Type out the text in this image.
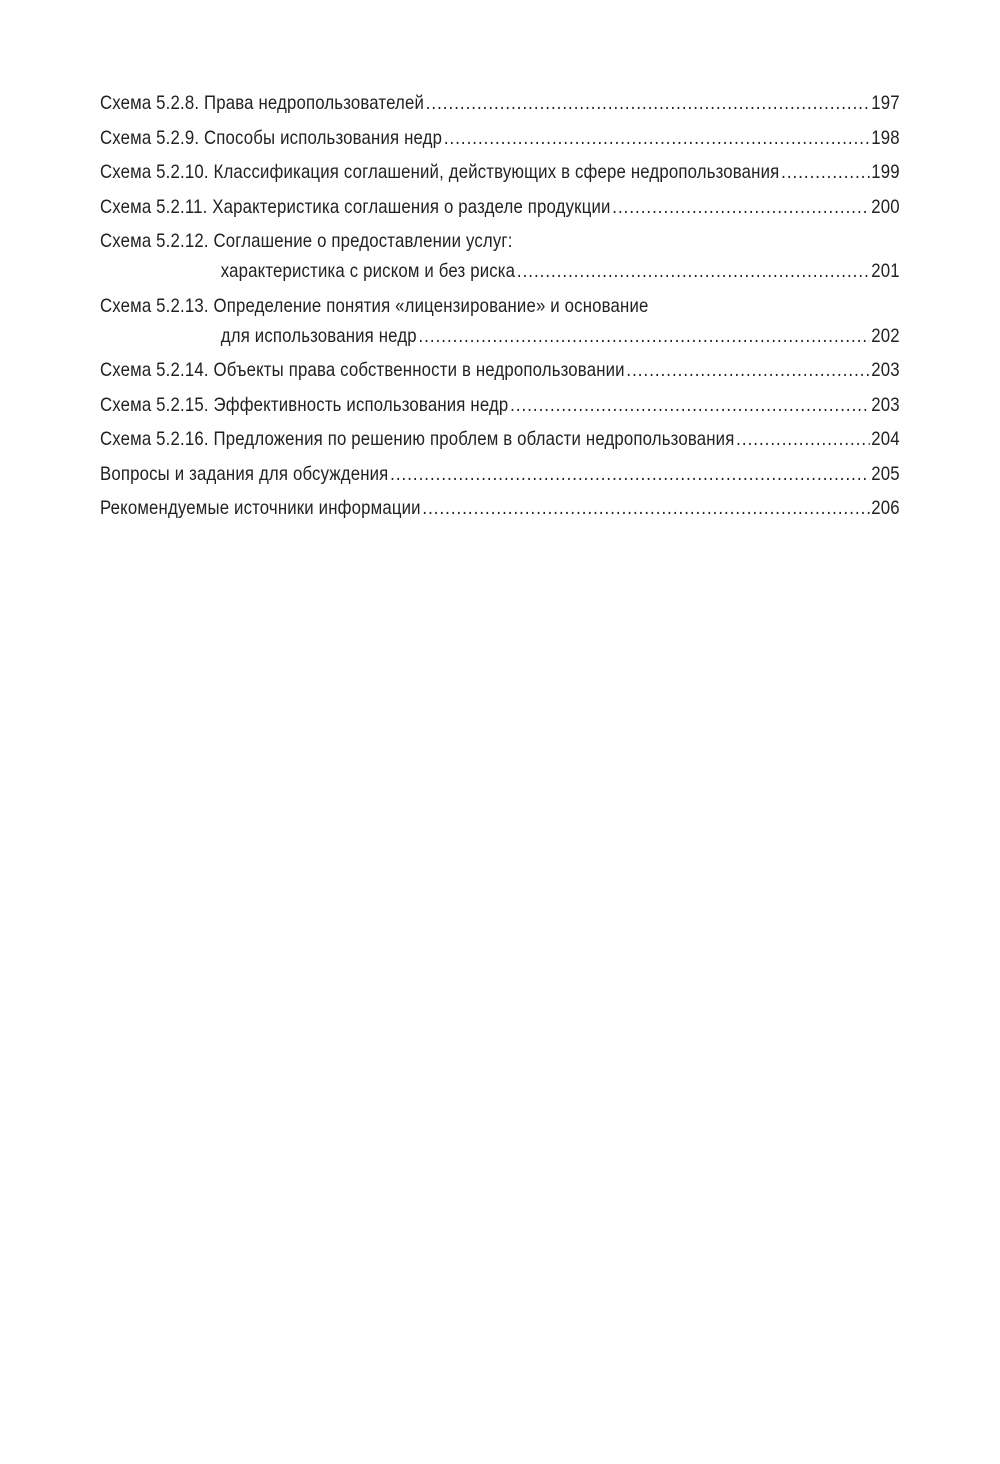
Схема 5.2.8. Права недропользователей .....	197
Схема 5.2.9. Способы использования недр .....	198
Схема 5.2.10. Классификация соглашений, действующих в сфере недропользования .....	199
Схема 5.2.11. Характеристика соглашения о разделе продукции .....	200
Схема 5.2.12. Соглашение о предоставлении услуг:

характеристика с риском и без риска .....	201
Схема 5.2.13. Определение понятия «лицензирование» и основание

для использования недр .....	202
Схема 5.2.14. Объекты права собственности в недропользовании .....	203
Схема 5.2.15. Эффективность использования недр .....	203
Схема 5.2.16. Предложения по решению проблем в области недропользования .....	204
Вопросы и задания для обсуждения .....	205
Рекомендуемые источники информации .....	206
